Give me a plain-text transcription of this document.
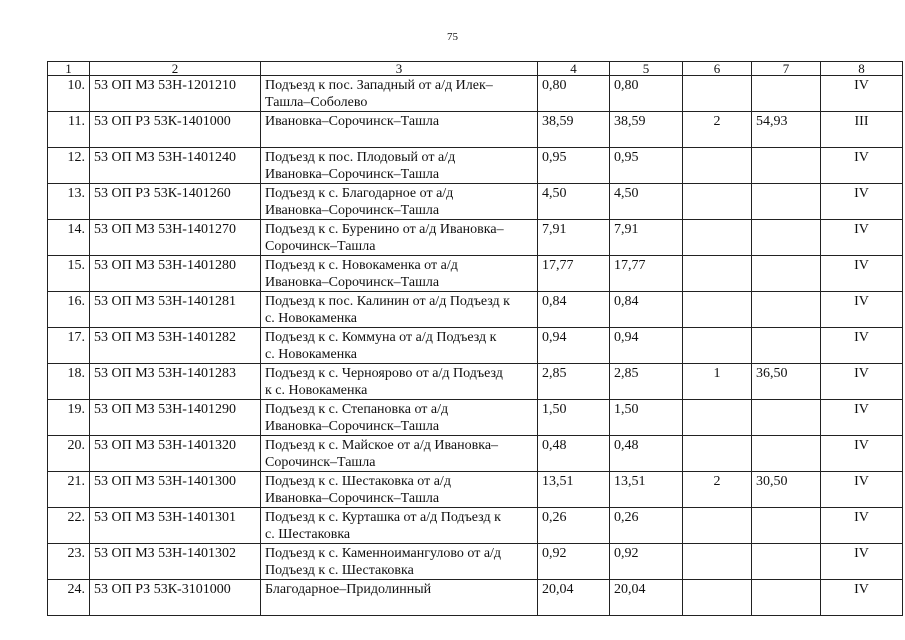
75
1	2	3	4	5	6	7	8
10.	53 ОП МЗ 53Н-1201210	Подъезд к пос. Западный от а/д Илек–
Ташла–Соболево	0,80	0,80			IV
11.	53 ОП РЗ 53К-1401000	Ивановка–Сорочинск–Ташла	38,59	38,59	2	54,93	III
12.	53 ОП МЗ 53Н-1401240	Подъезд к пос. Плодовый от а/д
Ивановка–Сорочинск–Ташла	0,95	0,95			IV
13.	53 ОП РЗ 53К-1401260	Подъезд к с. Благодарное от а/д
Ивановка–Сорочинск–Ташла	4,50	4,50			IV
14.	53 ОП МЗ 53Н-1401270	Подъезд к с. Буренино от а/д Ивановка–
Сорочинск–Ташла	7,91	7,91			IV
15.	53 ОП МЗ 53Н-1401280	Подъезд к с. Новокаменка от а/д
Ивановка–Сорочинск–Ташла	17,77	17,77			IV
16.	53 ОП МЗ 53Н-1401281	Подъезд к пос. Калинин от а/д Подъезд к
с. Новокаменка	0,84	0,84			IV
17.	53 ОП МЗ 53Н-1401282	Подъезд к с. Коммуна от а/д Подъезд к
с. Новокаменка	0,94	0,94			IV
18.	53 ОП МЗ 53Н-1401283	Подъезд к с. Черноярово от а/д Подъезд
к с. Новокаменка	2,85	2,85	1	36,50	IV
19.	53 ОП МЗ 53Н-1401290	Подъезд к с. Степановка от а/д
Ивановка–Сорочинск–Ташла	1,50	1,50			IV
20.	53 ОП МЗ 53Н-1401320	Подъезд к с. Майское от а/д Ивановка–
Сорочинск–Ташла	0,48	0,48			IV
21.	53 ОП МЗ 53Н-1401300	Подъезд к с. Шестаковка от а/д
Ивановка–Сорочинск–Ташла	13,51	13,51	2	30,50	IV
22.	53 ОП МЗ 53Н-1401301	Подъезд к с. Курташка от а/д Подъезд к
с. Шестаковка	0,26	0,26			IV
23.	53 ОП МЗ 53Н-1401302	Подъезд к с. Каменноимангулово от а/д
Подъезд к с. Шестаковка	0,92	0,92			IV
24.	53 ОП РЗ 53К-3101000	Благодарное–Придолинный	20,04	20,04			IV
